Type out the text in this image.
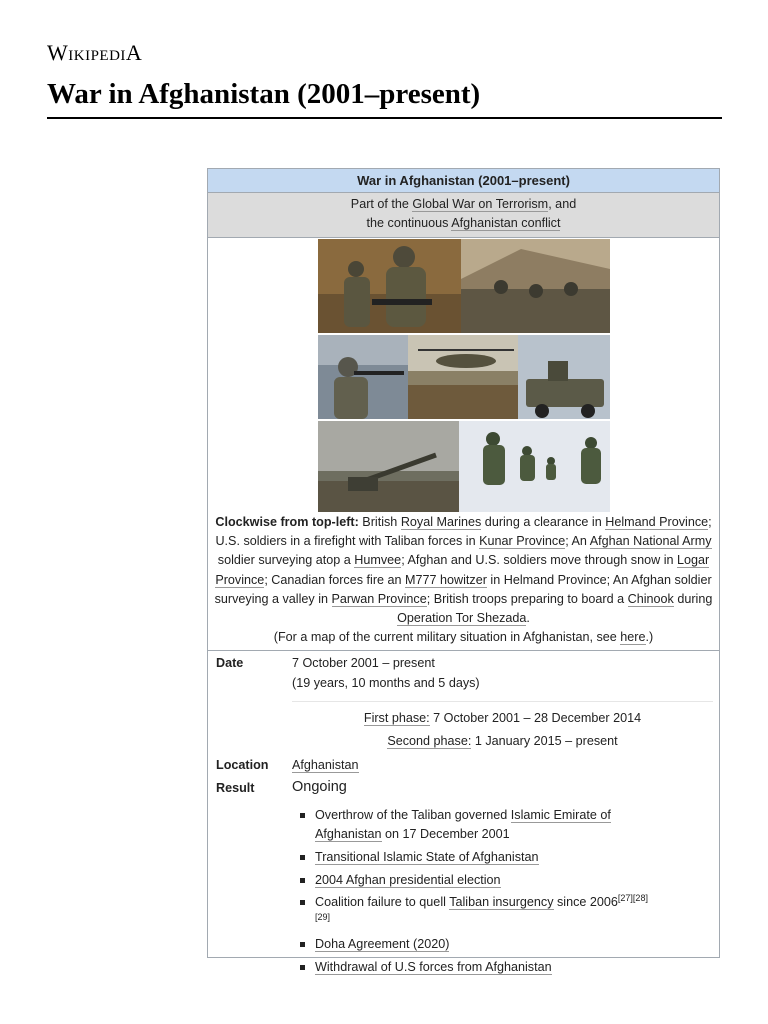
WikipediA
War in Afghanistan (2001–present)
War in Afghanistan (2001–present)
Part of the Global War on Terrorism, and
the continuous Afghanistan conflict
Clockwise from top-left: British Royal Marines during a clearance in Helmand Province; U.S. soldiers in a firefight with Taliban forces in Kunar Province; An Afghan National Army soldier surveying atop a Humvee; Afghan and U.S. soldiers move through snow in Logar Province; Canadian forces fire an M777 howitzer in Helmand Province; An Afghan soldier surveying a valley in Parwan Province; British troops preparing to board a Chinook during Operation Tor Shezada.
(For a map of the current military situation in Afghanistan, see here.)
Date	7 October 2001 – present
(19 years, 10 months and 5 days)
First phase: 7 October 2001 – 28 December 2014
Second phase: 1 January 2015 – present
Location Afghanistan
Result	Ongoing
Overthrow of the Taliban governed Islamic Emirate of Afghanistan on 17 December 2001
Transitional Islamic State of Afghanistan
2004 Afghan presidential election
Coalition failure to quell Taliban insurgency since 2006[27][28][29]
Doha Agreement (2020)
Withdrawal of U.S forces from Afghanistan
